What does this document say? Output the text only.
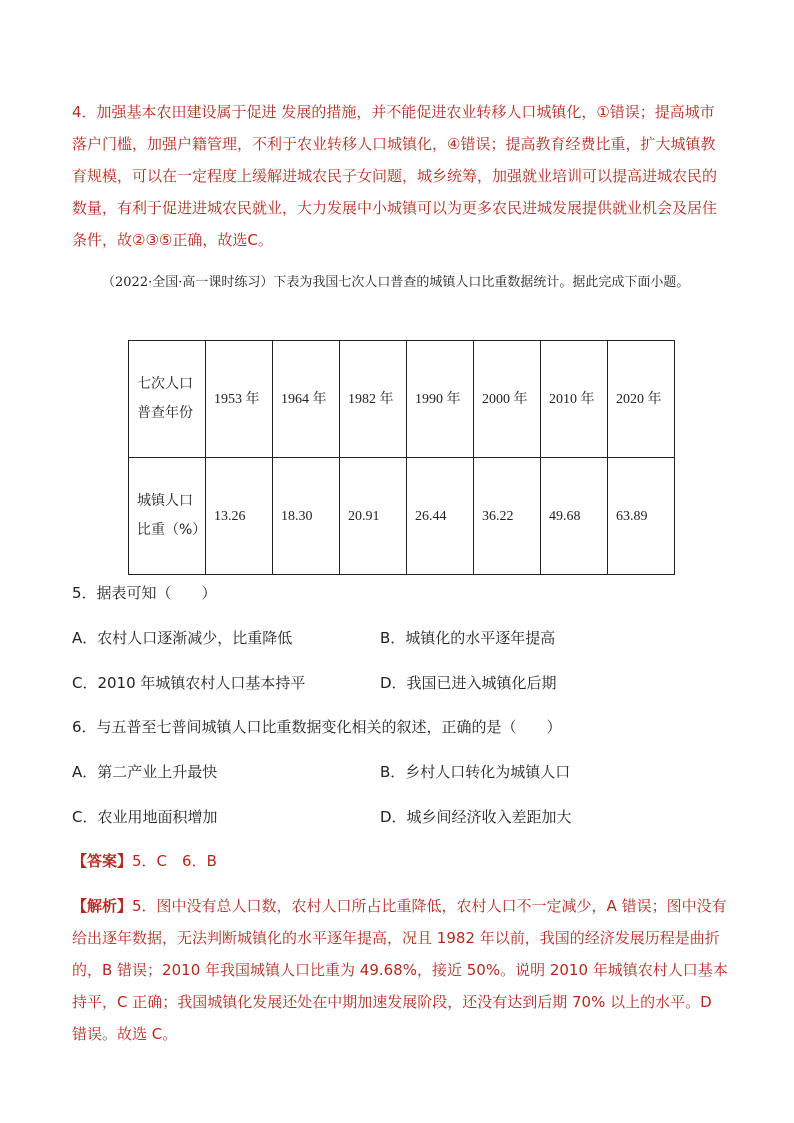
4．加强基本农田建设属于促进 发展的措施，并不能促进农业转移人口城镇化，①错误；提高城市落户门槛，加强户籍管理，不利于农业转移人口城镇化，④错误；提高教育经费比重，扩大城镇教育规模，可以在一定程度上缓解进城农民子女问题，城乡统筹，加强就业培训可以提高进城农民的数量，有利于促进进城农民就业，大力发展中小城镇可以为更多农民进城发展提供就业机会及居住条件，故②③⑤正确，故选C。
（2022·全国·高一课时练习）下表为我国七次人口普查的城镇人口比重数据统计。据此完成下面小题。
七次人口普查年份	1953 年	1964 年	1982 年	1990 年	2000 年	2010 年	2020 年
城镇人口比重（%）	13.26	18.30	20.91	26.44	36.22	49.68	63.89
5．据表可知（　　）
A．农村人口逐渐减少，比重降低	B．城镇化的水平逐年提高
C．2010 年城镇农村人口基本持平	D．我国已进入城镇化后期
6．与五普至七普间城镇人口比重数据变化相关的叙述，正确的是（　　）
A．第二产业上升最快	B．乡村人口转化为城镇人口
C．农业用地面积增加	D．城乡间经济收入差距加大
【答案】5．C　6．B
【解析】5．图中没有总人口数，农村人口所占比重降低，农村人口不一定减少，A 错误；图中没有给出逐年数据，无法判断城镇化的水平逐年提高，况且 1982 年以前，我国的经济发展历程是曲折的，B 错误；2010 年我国城镇人口比重为 49.68%，接近 50%。说明 2010 年城镇农村人口基本持平，C 正确；我国城镇化发展还处在中期加速发展阶段，还没有达到后期 70% 以上的水平。D 错误。故选 C。
